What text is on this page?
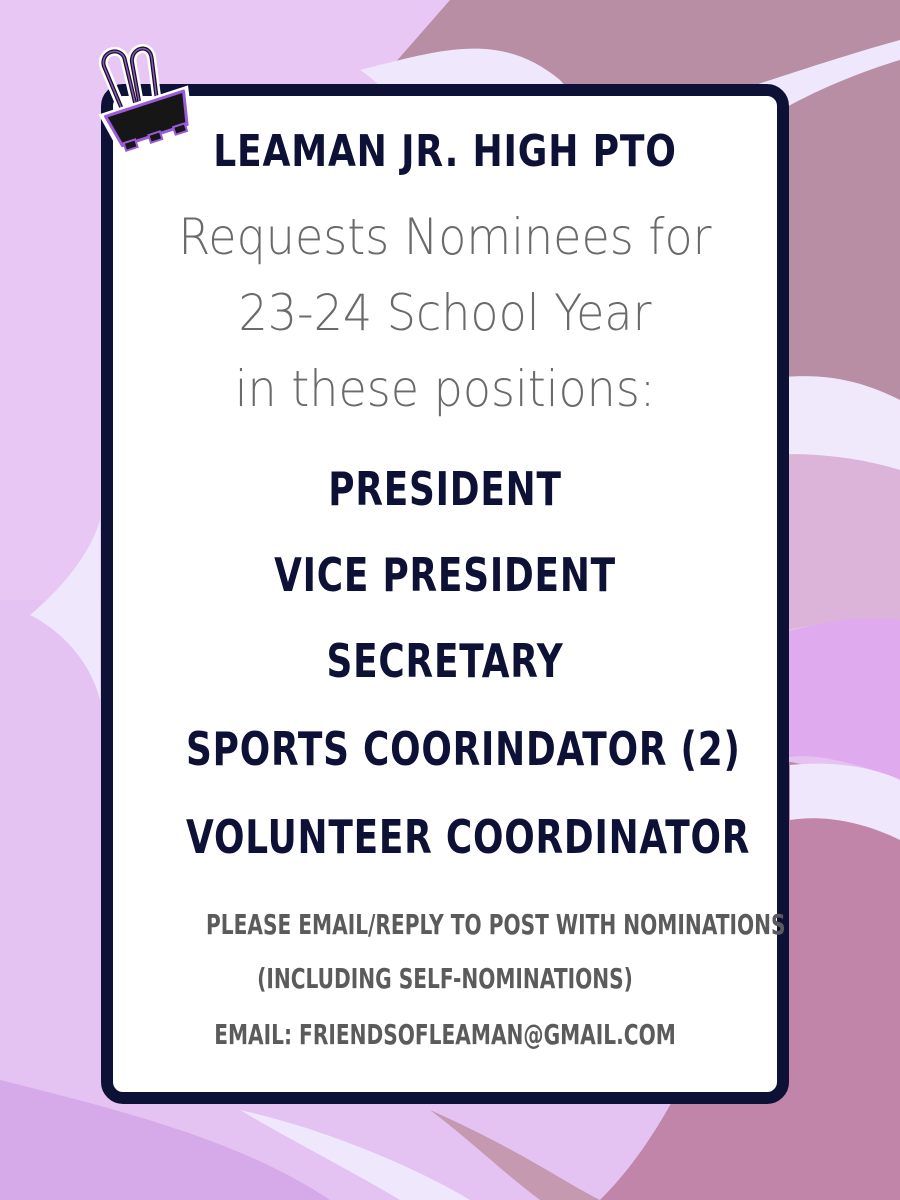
LEAMAN JR. HIGH PTO
Requests Nominees for
23-24 School Year
in these positions:
PRESIDENT
VICE PRESIDENT
SECRETARY
SPORTS COORINDATOR (2)
VOLUNTEER COORDINATOR
PLEASE EMAIL/REPLY TO POST WITH NOMINATIONS
(INCLUDING SELF-NOMINATIONS)
EMAIL: FRIENDSOFLEAMAN@GMAIL.COM
